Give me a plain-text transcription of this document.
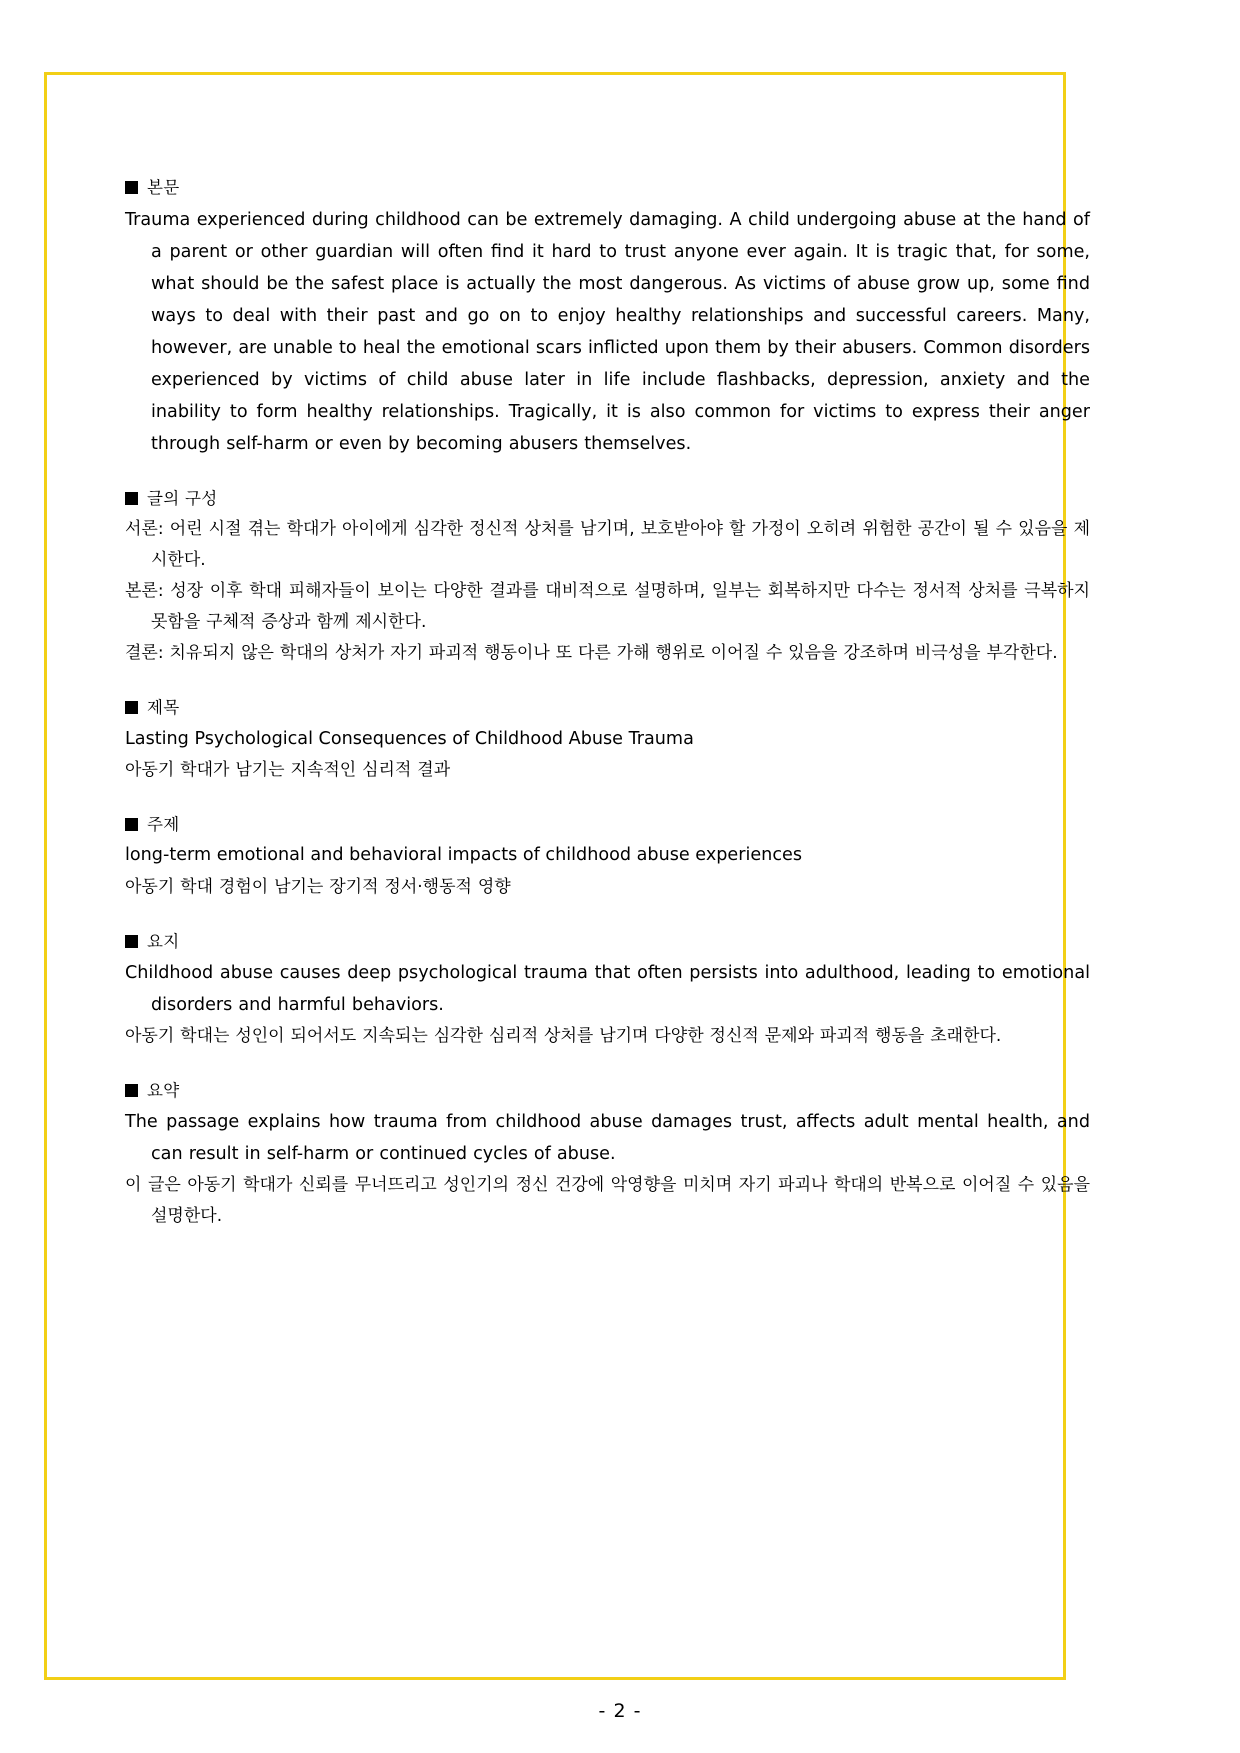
본문

Trauma experienced during childhood can be extremely damaging. A child undergoing abuse at the hand of a parent or other guardian will often find it hard to trust anyone ever again. It is tragic that, for some, what should be the safest place is actually the most dangerous. As victims of abuse grow up, some find ways to deal with their past and go on to enjoy healthy relationships and successful careers. Many, however, are unable to heal the emotional scars inflicted upon them by their abusers. Common disorders experienced by victims of child abuse later in life include flashbacks, depression, anxiety and the inability to form healthy relationships. Tragically, it is also common for victims to express their anger through self-harm or even by becoming abusers themselves.

글의 구성

서론: 어린 시절 겪는 학대가 아이에게 심각한 정신적 상처를 남기며, 보호받아야 할 가정이 오히려 위험한 공간이 될 수 있음을 제시한다.

본론: 성장 이후 학대 피해자들이 보이는 다양한 결과를 대비적으로 설명하며, 일부는 회복하지만 다수는 정서적 상처를 극복하지 못함을 구체적 증상과 함께 제시한다.

결론: 치유되지 않은 학대의 상처가 자기 파괴적 행동이나 또 다른 가해 행위로 이어질 수 있음을 강조하며 비극성을 부각한다.

제목

Lasting Psychological Consequences of Childhood Abuse Trauma

아동기 학대가 남기는 지속적인 심리적 결과

주제

long-term emotional and behavioral impacts of childhood abuse experiences

아동기 학대 경험이 남기는 장기적 정서·행동적 영향

요지

Childhood abuse causes deep psychological trauma that often persists into adulthood, leading to emotional disorders and harmful behaviors.

아동기 학대는 성인이 되어서도 지속되는 심각한 심리적 상처를 남기며 다양한 정신적 문제와 파괴적 행동을 초래한다.

요약

The passage explains how trauma from childhood abuse damages trust, affects adult mental health, and can result in self-harm or continued cycles of abuse.

이 글은 아동기 학대가 신뢰를 무너뜨리고 성인기의 정신 건강에 악영향을 미치며 자기 파괴나 학대의 반복으로 이어질 수 있음을 설명한다.

- 2 -
